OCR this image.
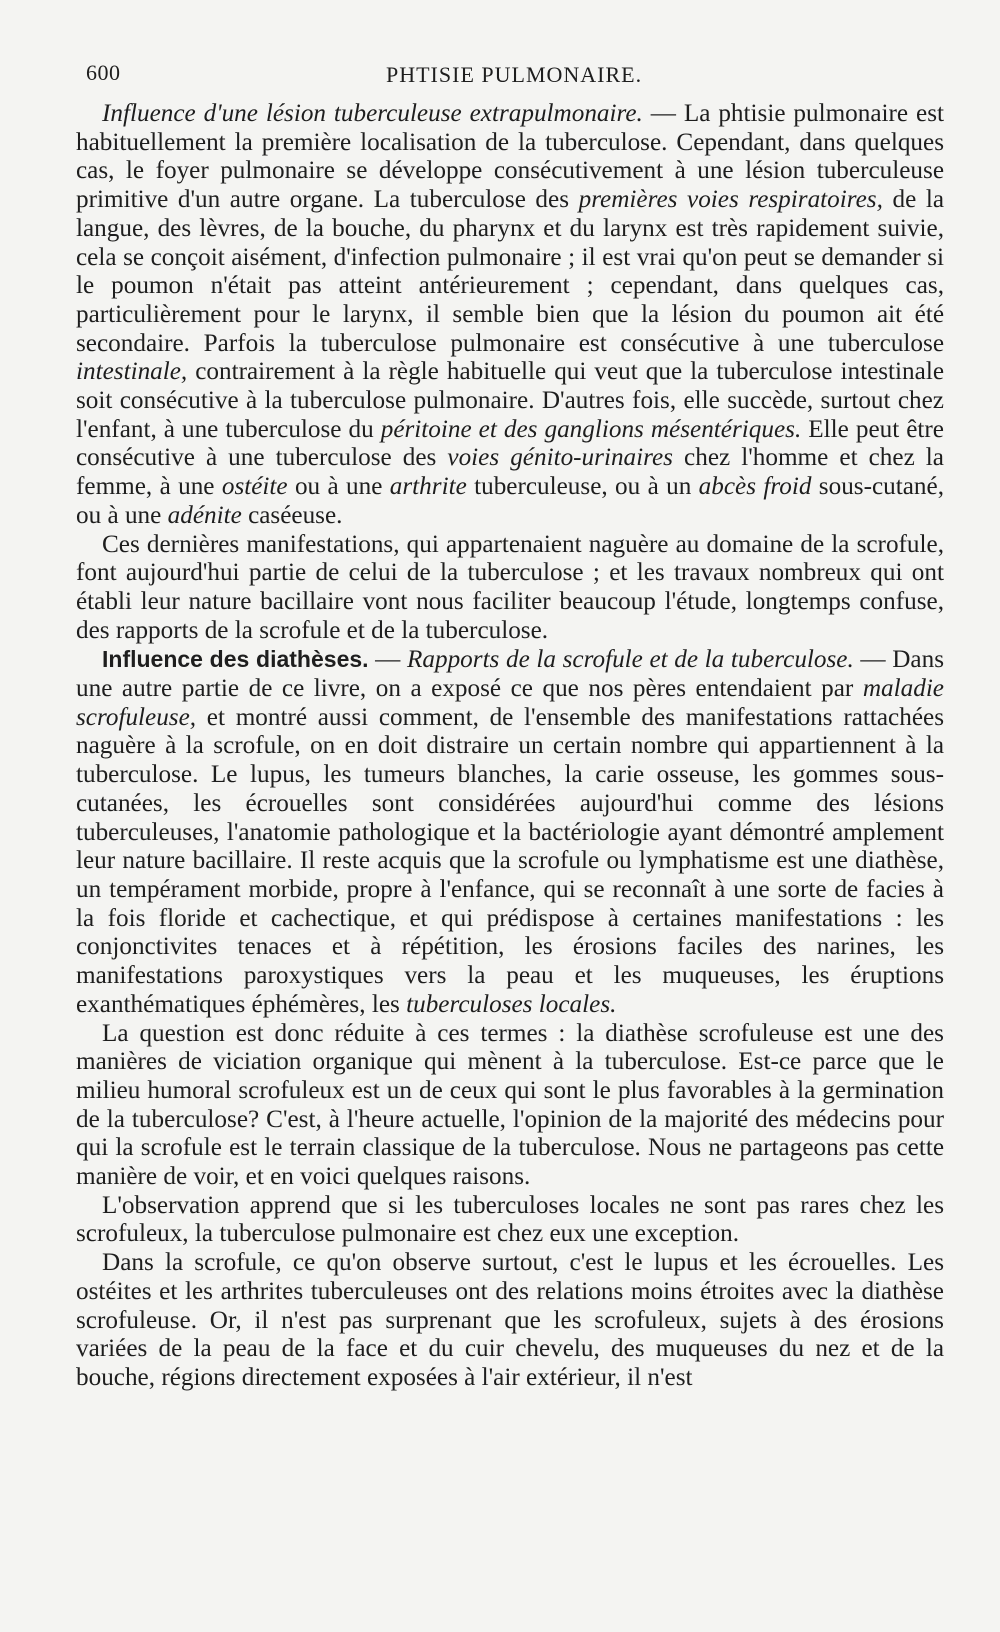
600	PHTISIE PULMONAIRE.

Influence d'une lésion tuberculeuse extrapulmonaire. — La phtisie pulmonaire est habituellement la première localisation de la tuberculose. Cependant, dans quelques cas, le foyer pulmonaire se développe consécutivement à une lésion tuberculeuse primitive d'un autre organe. La tuberculose des premières voies respiratoires, de la langue, des lèvres, de la bouche, du pharynx et du larynx est très rapidement suivie, cela se conçoit aisément, d'infection pulmonaire ; il est vrai qu'on peut se demander si le poumon n'était pas atteint antérieurement ; cependant, dans quelques cas, particulièrement pour le larynx, il semble bien que la lésion du poumon ait été secondaire. Parfois la tuberculose pulmonaire est consécutive à une tuberculose intestinale, contrairement à la règle habituelle qui veut que la tuberculose intestinale soit consécutive à la tuberculose pulmonaire. D'autres fois, elle succède, surtout chez l'enfant, à une tuberculose du péritoine et des ganglions mésentériques. Elle peut être consécutive à une tuberculose des voies génito-urinaires chez l'homme et chez la femme, à une ostéite ou à une arthrite tuberculeuse, ou à un abcès froid sous-cutané, ou à une adénite caséeuse.

Ces dernières manifestations, qui appartenaient naguère au domaine de la scrofule, font aujourd'hui partie de celui de la tuberculose ; et les travaux nombreux qui ont établi leur nature bacillaire vont nous faciliter beaucoup l'étude, longtemps confuse, des rapports de la scrofule et de la tuberculose.

Influence des diathèses. — Rapports de la scrofule et de la tuberculose. — Dans une autre partie de ce livre, on a exposé ce que nos pères entendaient par maladie scrofuleuse, et montré aussi comment, de l'ensemble des manifestations rattachées naguère à la scrofule, on en doit distraire un certain nombre qui appartiennent à la tuberculose. Le lupus, les tumeurs blanches, la carie osseuse, les gommes sous-cutanées, les écrouelles sont considérées aujourd'hui comme des lésions tuberculeuses, l'anatomie pathologique et la bactériologie ayant démontré amplement leur nature bacillaire. Il reste acquis que la scrofule ou lymphatisme est une diathèse, un tempérament morbide, propre à l'enfance, qui se reconnaît à une sorte de facies à la fois floride et cachectique, et qui prédispose à certaines manifestations : les conjonctivites tenaces et à répétition, les érosions faciles des narines, les manifestations paroxystiques vers la peau et les muqueuses, les éruptions exanthématiques éphémères, les tuberculoses locales.

La question est donc réduite à ces termes : la diathèse scrofuleuse est une des manières de viciation organique qui mènent à la tuberculose. Est-ce parce que le milieu humoral scrofuleux est un de ceux qui sont le plus favorables à la germination de la tuberculose? C'est, à l'heure actuelle, l'opinion de la majorité des médecins pour qui la scrofule est le terrain classique de la tuberculose. Nous ne partageons pas cette manière de voir, et en voici quelques raisons.

L'observation apprend que si les tuberculoses locales ne sont pas rares chez les scrofuleux, la tuberculose pulmonaire est chez eux une exception.

Dans la scrofule, ce qu'on observe surtout, c'est le lupus et les écrouelles. Les ostéites et les arthrites tuberculeuses ont des relations moins étroites avec la diathèse scrofuleuse. Or, il n'est pas surprenant que les scrofuleux, sujets à des érosions variées de la peau de la face et du cuir chevelu, des muqueuses du nez et de la bouche, régions directement exposées à l'air extérieur, il n'est
